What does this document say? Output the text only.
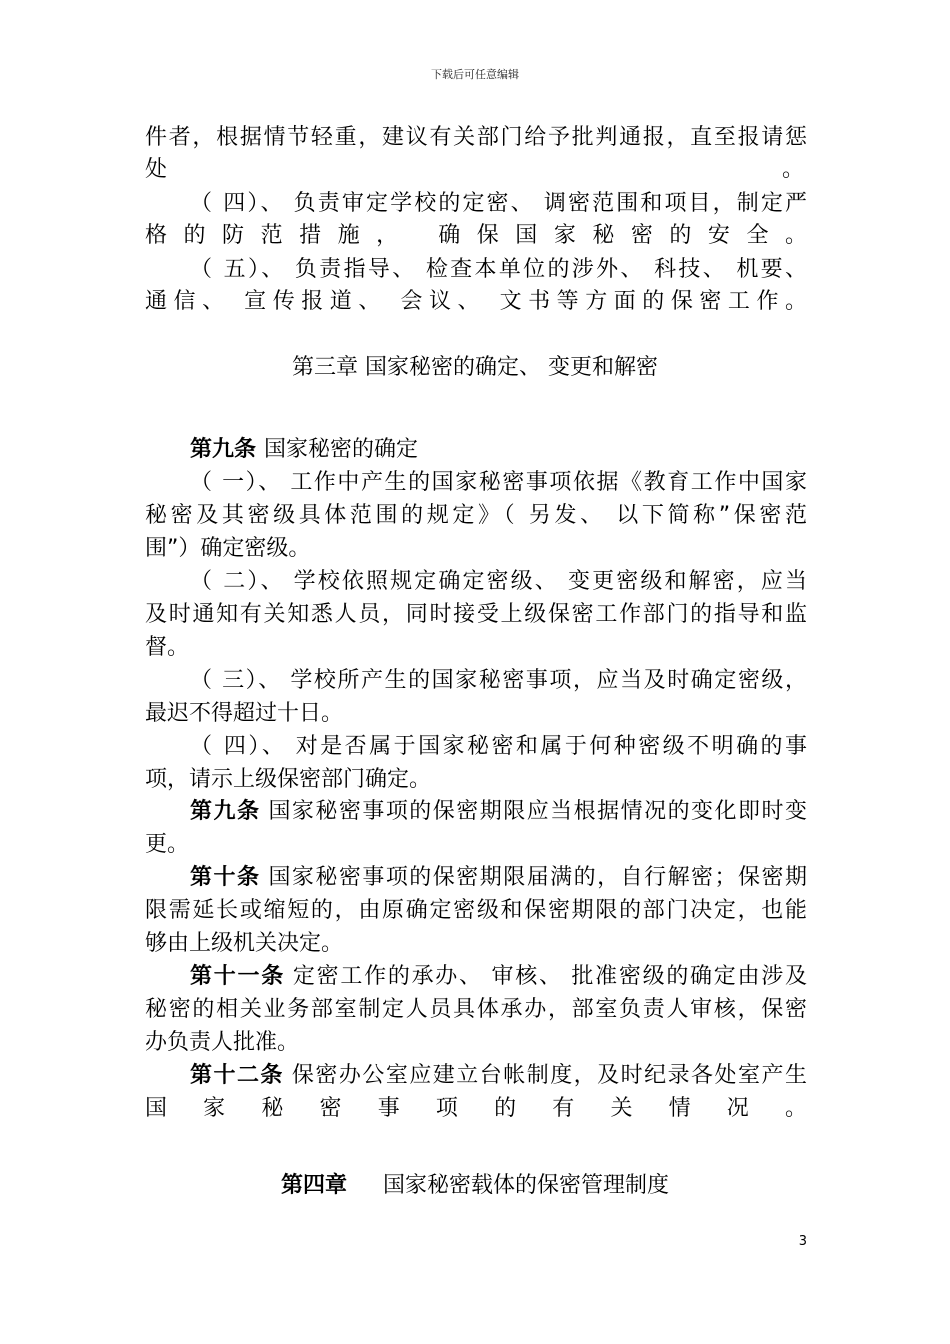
下载后可任意编辑
件者，根据情节轻重，建议有关部门给予批判通报，直至报请惩
处	。
（ 四）、 负责审定学校的定密、 调密范围和项目，制定严
格的防范措施， 确保国家秘密的安全。
（ 五）、 负责指导、 检查本单位的涉外、 科技、 机要、
通信、 宣传报道、 会议、 文书等方面的保密工作。
第三章 国家秘密的确定、 变更和解密
第九条 国家秘密的确定
（ 一）、 工作中产生的国家秘密事项依据《教育工作中国家
秘密及其密级具体范围的规定》（ 另发、 以下简称”保密范
围”）确定密级。
（ 二）、 学校依照规定确定密级、 变更密级和解密，应当
及时通知有关知悉人员，同时接受上级保密工作部门的指导和监
督。
（ 三）、 学校所产生的国家秘密事项，应当及时确定密级，
最迟不得超过十日。
（ 四）、 对是否属于国家秘密和属于何种密级不明确的事
项，请示上级保密部门确定。
第九条 国家秘密事项的保密期限应当根据情况的变化即时变
更。
第十条 国家秘密事项的保密期限届满的，自行解密；保密期
限需延长或缩短的，由原确定密级和保密期限的部门决定，也能
够由上级机关决定。
第十一条 定密工作的承办、 审核、 批准密级的确定由涉及
秘密的相关业务部室制定人员具体承办，部室负责人审核，保密
办负责人批准。
第十二条 保密办公室应建立台帐制度，及时纪录各处室产生
国家秘密事项的有关情况。
第四章 国家秘密载体的保密管理制度
3
